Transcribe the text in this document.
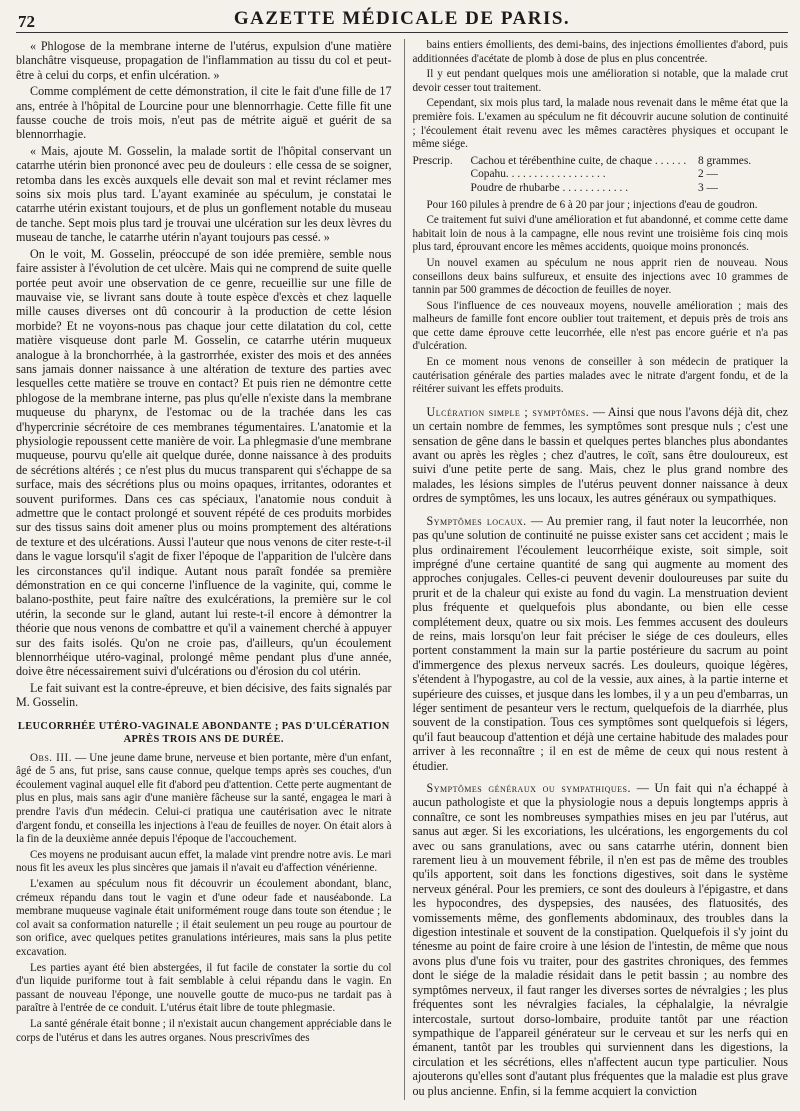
72	GAZETTE MÉDICALE DE PARIS.

« Phlogose de la membrane interne de l'utérus, expulsion d'une matière blanchâtre visqueuse, propagation de l'inflammation au tissu du col et peut-être à celui du corps, et enfin ulcération. »

Comme complément de cette démonstration, il cite le fait d'une fille de 17 ans, entrée à l'hôpital de Lourcine pour une blennorrhagie. Cette fille fit une fausse couche de trois mois, n'eut pas de métrite aiguë et guérit de sa blennorrhagie.

« Mais, ajoute M. Gosselin, la malade sortit de l'hôpital conservant un catarrhe utérin bien prononcé avec peu de douleurs : elle cessa de se soigner, retomba dans les excès auxquels elle devait son mal et revint réclamer mes soins six mois plus tard. L'ayant examinée au spéculum, je constatai le catarrhe utérin existant toujours, et de plus un gonflement notable du museau de tanche. Sept mois plus tard je trouvai une ulcération sur les deux lèvres du museau de tanche, le catarrhe utérin n'ayant toujours pas cessé. »

On le voit, M. Gosselin, préoccupé de son idée première, semble nous faire assister à l'évolution de cet ulcère. Mais qui ne comprend de suite quelle portée peut avoir une observation de ce genre, recueillie sur une fille de mauvaise vie, se livrant sans doute à toute espèce d'excès et chez laquelle mille causes diverses ont dû concourir à la production de cette lésion morbide? Et ne voyons-nous pas chaque jour cette dilatation du col, cette matière visqueuse dont parle M. Gosselin, ce catarrhe utérin muqueux analogue à la bronchorrhée, à la gastrorrhée, exister des mois et des années sans jamais donner naissance à une altération de texture des parties avec lesquelles cette matière se trouve en contact? Et puis rien ne démontre cette phlogose de la membrane interne, pas plus qu'elle n'existe dans la membrane muqueuse du pharynx, de l'estomac ou de la trachée dans les cas d'hypercrinie sécrétoire de ces membranes tégumentaires. L'anatomie et la physiologie repoussent cette manière de voir. La phlegmasie d'une membrane muqueuse, pourvu qu'elle ait quelque durée, donne naissance à des produits de sécrétions altérés ; ce n'est plus du mucus transparent qui s'échappe de sa surface, mais des sécrétions plus ou moins opaques, irritantes, odorantes et souvent puriformes. Dans ces cas spéciaux, l'anatomie nous conduit à admettre que le contact prolongé et souvent répété de ces produits morbides sur des tissus sains doit amener plus ou moins promptement des altérations de texture et des ulcérations. Aussi l'auteur que nous venons de citer reste-t-il dans le vague lorsqu'il s'agit de fixer l'époque de l'apparition de l'ulcère dans les circonstances qu'il indique. Autant nous paraît fondée sa première démonstration en ce qui concerne l'influence de la vaginite, qui, comme le balano-posthite, peut faire naître des exulcérations, la première sur le col utérin, la seconde sur le gland, autant lui reste-t-il encore à démontrer la théorie que nous venons de combattre et qu'il a vainement cherché à appuyer sur des faits isolés. Qu'on ne croie pas, d'ailleurs, qu'un écoulement blennorrhéique utéro-vaginal, prolongé même pendant plus d'une année, doive être nécessairement suivi d'ulcérations ou d'érosion du col utérin.

Le fait suivant est la contre-épreuve, et bien décisive, des faits signalés par M. Gosselin.

LEUCORRHÉE UTÉRO-VAGINALE ABONDANTE ; PAS D'ULCÉRATION APRÈS TROIS ANS DE DURÉE.

Obs. III. — Une jeune dame brune, nerveuse et bien portante, mère d'un enfant, âgé de 5 ans, fut prise, sans cause connue, quelque temps après ses couches, d'un écoulement vaginal auquel elle fit d'abord peu d'attention. Cette perte augmentant de plus en plus, mais sans agir d'une manière fâcheuse sur la santé, engagea le mari à prendre l'avis d'un médecin. Celui-ci pratiqua une cautérisation avec le nitrate d'argent fondu, et conseilla les injections à l'eau de feuilles de noyer. On était alors à la fin de la deuxième année depuis l'époque de l'accouchement.

Ces moyens ne produisant aucun effet, la malade vint prendre notre avis. Le mari nous fit les aveux les plus sincères que jamais il n'avait eu d'affection vénérienne.

L'examen au spéculum nous fit découvrir un écoulement abondant, blanc, crémeux répandu dans tout le vagin et d'une odeur fade et nauséabonde. La membrane muqueuse vaginale était uniformément rouge dans toute son étendue ; le col avait sa conformation naturelle ; il était seulement un peu rouge au pourtour de son orifice, avec quelques petites granulations intérieures, mais sans la plus petite excavation.

Les parties ayant été bien abstergées, il fut facile de constater la sortie du col d'un liquide puriforme tout à fait semblable à celui répandu dans le vagin. En passant de nouveau l'éponge, une nouvelle goutte de muco-pus ne tardait pas à paraître à l'entrée de ce conduit. L'utérus était libre de toute phlegmasie.

La santé générale était bonne ; il n'existait aucun changement appréciable dans le corps de l'utérus et dans les autres organes. Nous prescrivîmes des

bains entiers émollients, des demi-bains, des injections émollientes d'abord, puis additionnées d'acétate de plomb à dose de plus en plus concentrée.

Il y eut pendant quelques mois une amélioration si notable, que la malade crut devoir cesser tout traitement.

Cependant, six mois plus tard, la malade nous revenait dans le même état que la première fois. L'examen au spéculum ne fit découvrir aucune solution de continuité ; l'écoulement était revenu avec les mêmes caractères physiques et occupant le même siége.

Prescrip.	Cachou et térébenthine cuite, de chaque . . . . . .	8 grammes.
Copahu. . . . . . . . . . . . . . . . . .	2 —
Poudre de rhubarbe . . . . . . . . . . . .	3 —

Pour 160 pilules à prendre de 6 à 20 par jour ; injections d'eau de goudron.

Ce traitement fut suivi d'une amélioration et fut abandonné, et comme cette dame habitait loin de nous à la campagne, elle nous revint une troisième fois cinq mois plus tard, éprouvant encore les mêmes accidents, quoique moins prononcés.

Un nouvel examen au spéculum ne nous apprit rien de nouveau. Nous conseillons deux bains sulfureux, et ensuite des injections avec 10 grammes de tannin par 500 grammes de décoction de feuilles de noyer.

Sous l'influence de ces nouveaux moyens, nouvelle amélioration ; mais des malheurs de famille font encore oublier tout traitement, et depuis près de trois ans que cette dame éprouve cette leucorrhée, elle n'est pas encore guérie et n'a pas d'ulcération.

En ce moment nous venons de conseiller à son médecin de pratiquer la cautérisation générale des parties malades avec le nitrate d'argent fondu, et de la réitérer suivant les effets produits.

Ulcération simple ; symptômes. — Ainsi que nous l'avons déjà dit, chez un certain nombre de femmes, les symptômes sont presque nuls ; c'est une sensation de gêne dans le bassin et quelques pertes blanches plus abondantes avant ou après les règles ; chez d'autres, le coït, sans être douloureux, est suivi d'une petite perte de sang. Mais, chez le plus grand nombre des malades, les lésions simples de l'utérus peuvent donner naissance à deux ordres de symptômes, les uns locaux, les autres généraux ou sympathiques.

Symptômes locaux. — Au premier rang, il faut noter la leucorrhée, non pas qu'une solution de continuité ne puisse exister sans cet accident ; mais le plus ordinairement l'écoulement leucorrhéique existe, soit simple, soit imprégné d'une certaine quantité de sang qui augmente au moment des approches conjugales. Celles-ci peuvent devenir douloureuses par suite du prurit et de la chaleur qui existe au fond du vagin. La menstruation devient plus fréquente et quelquefois plus abondante, ou bien elle cesse complétement deux, quatre ou six mois. Les femmes accusent des douleurs de reins, mais lorsqu'on leur fait préciser le siége de ces douleurs, elles portent constamment la main sur la partie postérieure du sacrum au point d'immergence des plexus nerveux sacrés. Les douleurs, quoique légères, s'étendent à l'hypogastre, au col de la vessie, aux aines, à la partie interne et supérieure des cuisses, et jusque dans les lombes, il y a un peu d'embarras, un léger sentiment de pesanteur vers le rectum, quelquefois de la diarrhée, plus souvent de la constipation. Tous ces symptômes sont quelquefois si légers, qu'il faut beaucoup d'attention et déjà une certaine habitude des malades pour arriver à les reconnaître ; il en est de même de ceux qui nous restent à étudier.

Symptômes généraux ou sympathiques. — Un fait qui n'a échappé à aucun pathologiste et que la physiologie nous a depuis longtemps appris à connaître, ce sont les nombreuses sympathies mises en jeu par l'utérus, aut sanus aut æger. Si les excoriations, les ulcérations, les engorgements du col avec ou sans granulations, avec ou sans catarrhe utérin, donnent bien rarement lieu à un mouvement fébrile, il n'en est pas de même des troubles qu'ils apportent, soit dans les fonctions digestives, soit dans le système nerveux général. Pour les premiers, ce sont des douleurs à l'épigastre, et dans les hypocondres, des dyspepsies, des nausées, des flatuosités, des vomissements même, des gonflements abdominaux, des troubles dans la digestion intestinale et souvent de la constipation. Quelquefois il s'y joint du ténesme au point de faire croire à une lésion de l'intestin, de même que nous avons plus d'une fois vu traiter, pour des gastrites chroniques, des femmes dont le siége de la maladie résidait dans le petit bassin ; au nombre des symptômes nerveux, il faut ranger les diverses sortes de névralgies ; les plus fréquentes sont les névralgies faciales, la céphalalgie, la névralgie intercostale, surtout dorso-lombaire, produite tantôt par une réaction sympathique de l'appareil générateur sur le cerveau et sur les nerfs qui en émanent, tantôt par les troubles qui surviennent dans les digestions, la circulation et les sécrétions, elles n'affectent aucun type particulier. Nous ajouterons qu'elles sont d'autant plus fréquentes que la maladie est plus grave ou plus ancienne. Enfin, si la femme acquiert la conviction
